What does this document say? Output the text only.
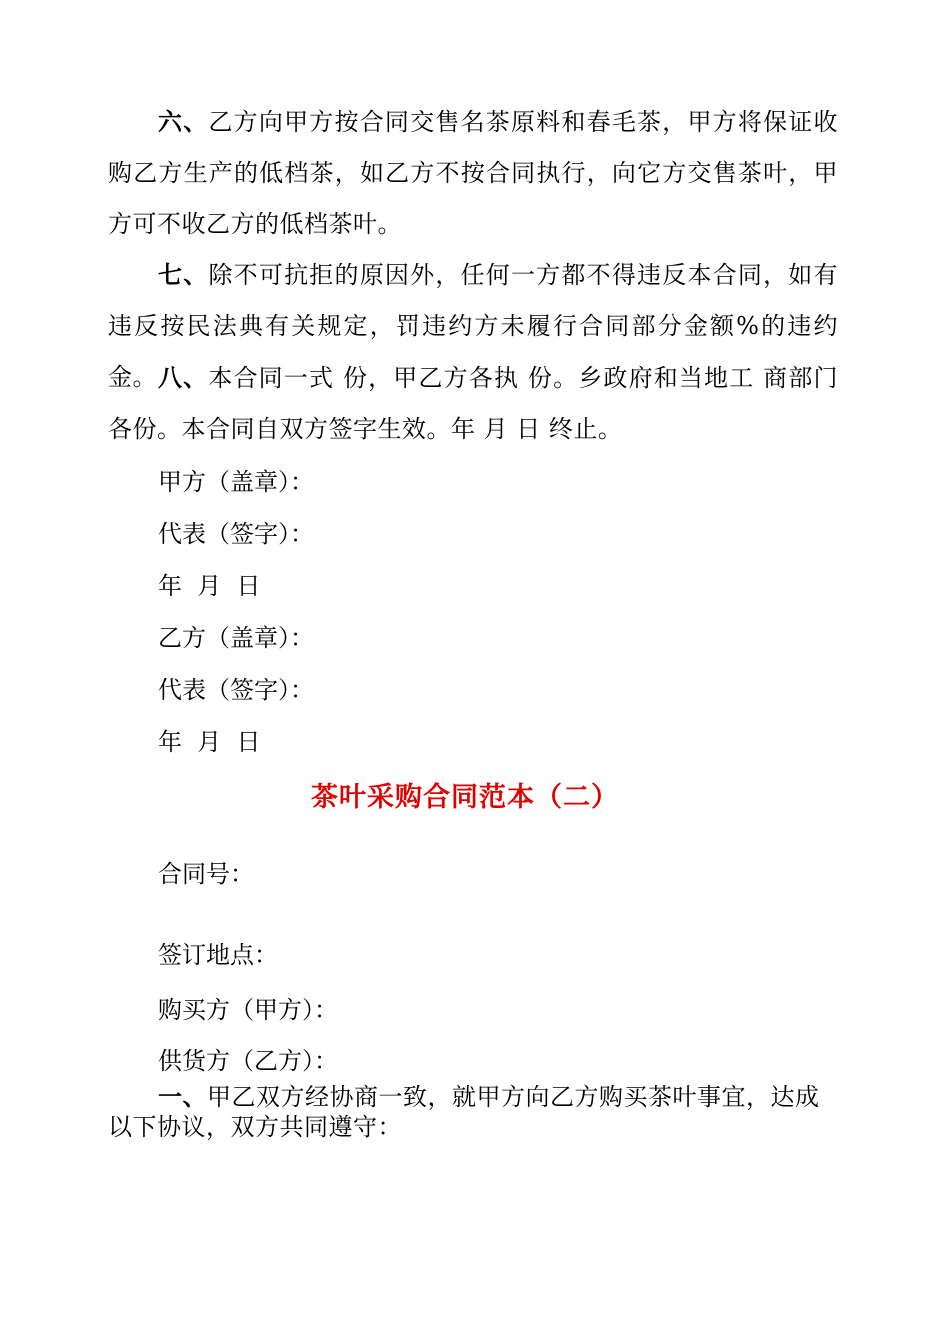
六、乙方向甲方按合同交售名茶原料和春毛茶，甲方将保证收购乙方生产的低档茶，如乙方不按合同执行，向它方交售茶叶，甲方可不收乙方的低档茶叶。

七、除不可抗拒的原因外，任何一方都不得违反本合同，如有违反按民法典有关规定，罚违约方未履行合同部分金额%的违约 金。 八、本合同一式 份，甲乙方各执 份。乡政府和当地工 商部门各份。本合同自双方签字生效。年 月 日 终止。

甲方（盖章）：

代表（签字）：

年  月  日

乙方（盖章）：

代表（签字）：

年  月  日

茶叶采购合同范本（二）

合同号：

签订地点：

购买方（甲方）：

供货方（乙方）：

一、甲乙双方经协商一致，就甲方向乙方购买茶叶事宜，达成以下协议，双方共同遵守：
